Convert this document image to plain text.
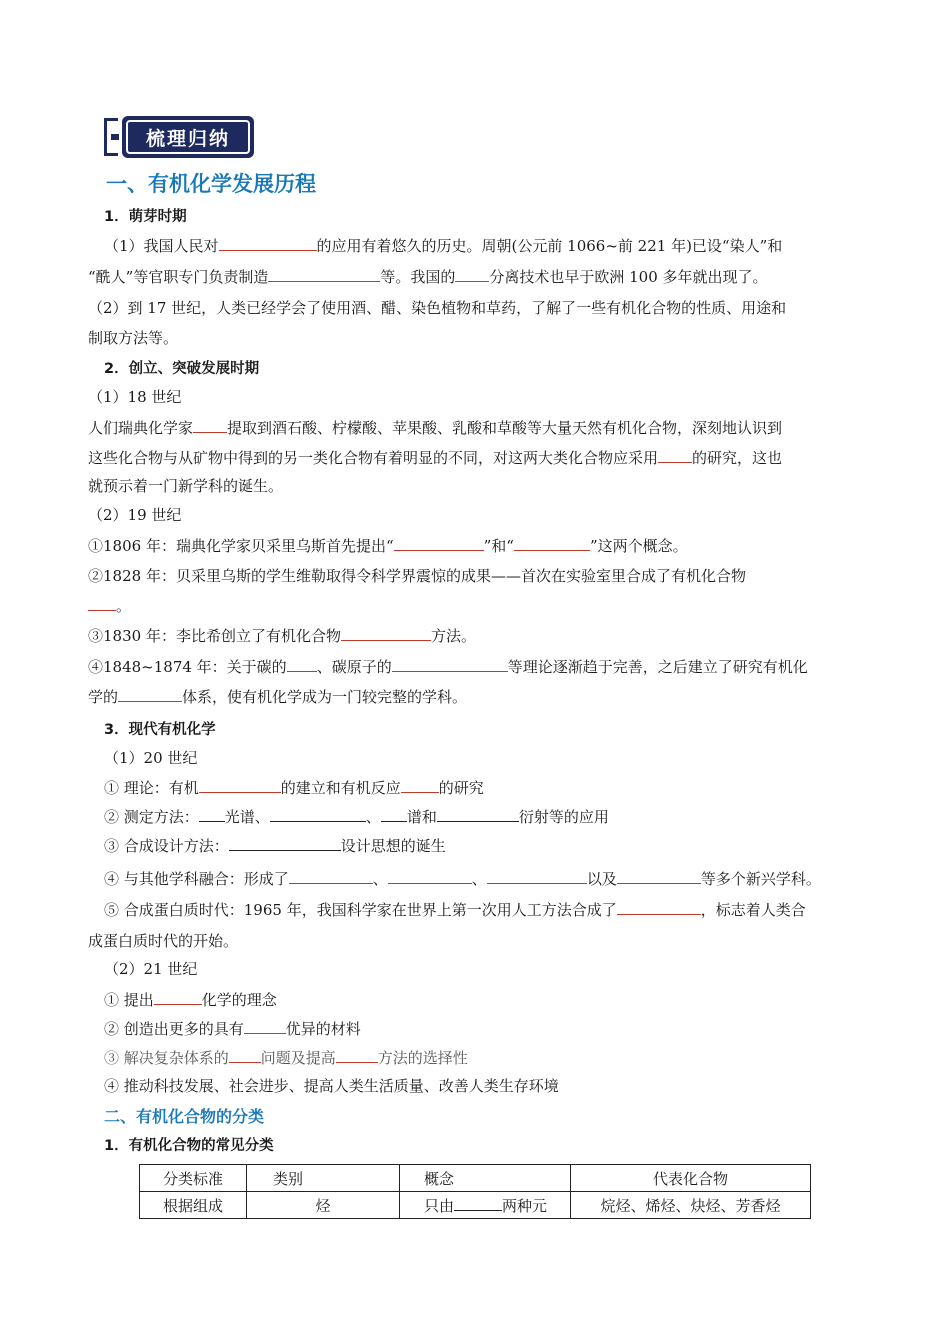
梳理归纳
一、有机化学发展历程
1．萌芽时期
（1）我国人民对	的应用有着悠久的历史。周朝(公元前 1066~前 221 年)已设“染人”和
“酰人”等官职专门负责制造	等。我国的 分离技术也早于欧洲 100 多年就出现了。
（2）到 17 世纪，人类已经学会了使用酒、醋、染色植物和草药，了解了一些有机化合物的性质、用途和
制取方法等。
2．创立、突破发展时期
（1）18 世纪
人们瑞典化学家 提取到酒石酸、柠檬酸、苹果酸、乳酸和草酸等大量天然有机化合物，深刻地认识到
这些化合物与从矿物中得到的另一类化合物有着明显的不同，对这两大类化合物应采用 的研究，这也
就预示着一门新学科的诞生。
（2）19 世纪
①1806 年：瑞典化学家贝采里乌斯首先提出“	”和“	”这两个概念。
②1828 年：贝采里乌斯的学生维勒取得令科学界震惊的成果——首次在实验室里合成了有机化合物
。
③1830 年：李比希创立了有机化合物	方法。
④1848~1874 年：关于碳的 、碳原子的	等理论逐渐趋于完善，之后建立了研究有机化
学的	体系，使有机化学成为一门较完整的学科。
3．现代有机化学
（1）20 世纪
① 理论：有机	的建立和有机反应	的研究
② 测定方法： 光谱、	、 谱和	衍射等的应用
③ 合成设计方法：	设计思想的诞生
④ 与其他学科融合：形成了	、	、	以及	等多个新兴学科。
⑤ 合成蛋白质时代：1965 年，我国科学家在世界上第一次用人工方法合成了	，标志着人类合
成蛋白质时代的开始。
（2）21 世纪
① 提出	化学的理念
② 创造出更多的具有	优异的材料
③ 解决复杂体系的 问题及提高	方法的选择性
④ 推动科技发展、社会进步、提高人类生活质量、改善人类生存环境
二、有机化合物的分类
1．有机化合物的常见分类
分类标准	类别	概念	代表化合物
根据组成	烃	只由 两种元	烷烃、烯烃、炔烃、芳香烃
